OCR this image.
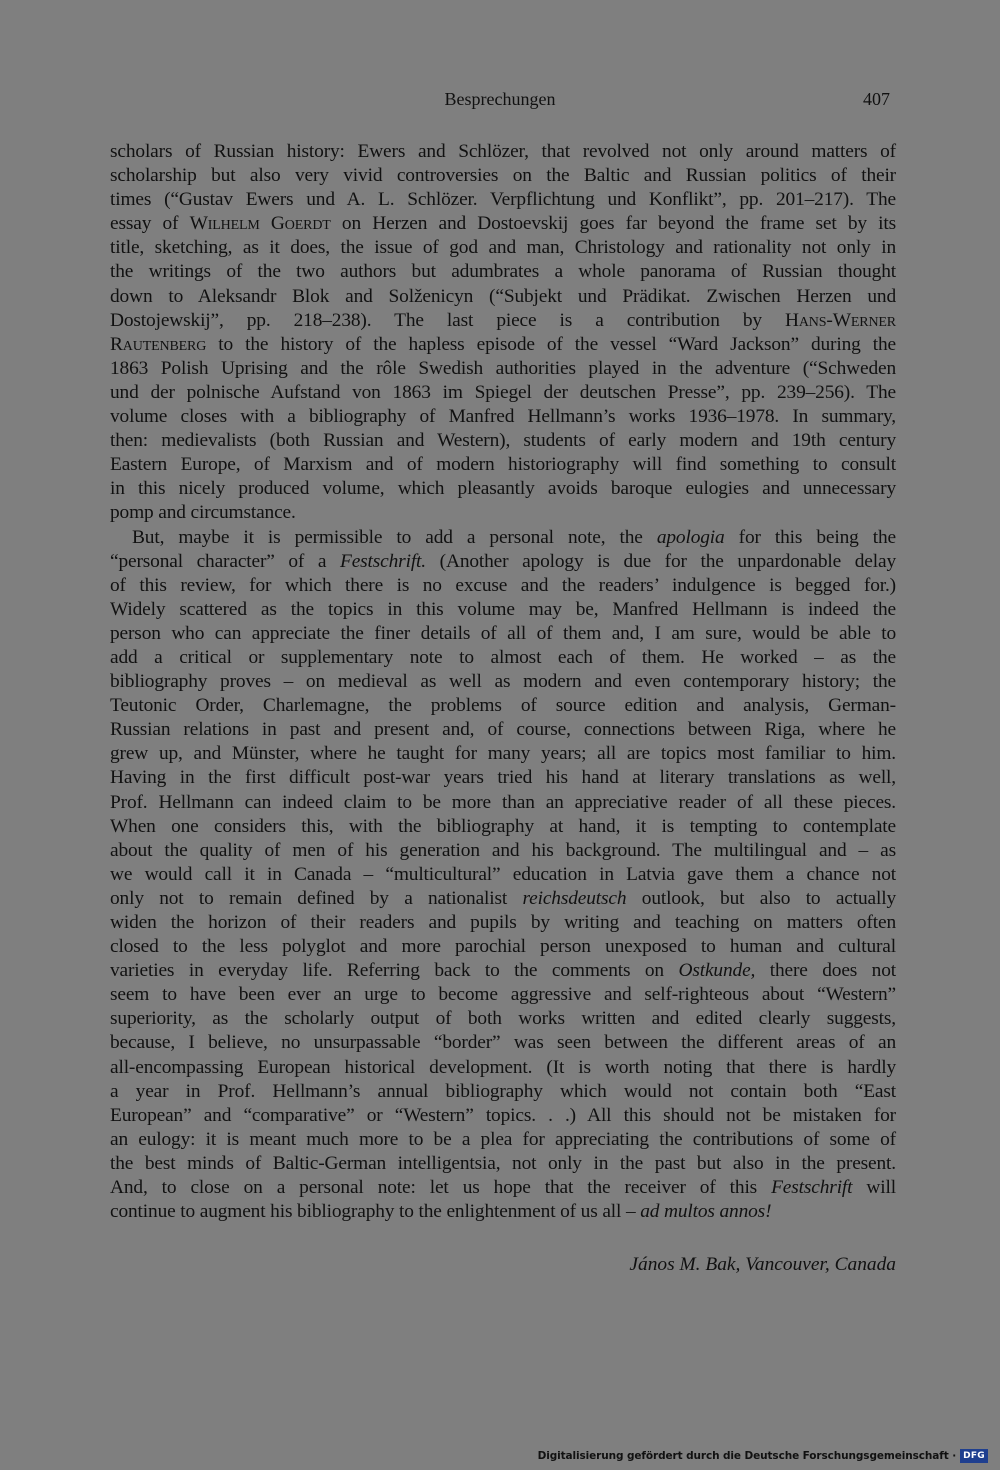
Besprechungen	407
scholars of Russian history: Ewers and Schlözer, that revolved not only around matters of
scholarship but also very vivid controversies on the Baltic and Russian politics of their
times (“Gustav Ewers und A. L. Schlözer. Verpflichtung und Konflikt”, pp. 201–217). The
essay of Wilhelm Goerdt on Herzen and Dostoevskij goes far beyond the frame set by its
title, sketching, as it does, the issue of god and man, Christology and rationality not only in
the writings of the two authors but adumbrates a whole panorama of Russian thought
down to Aleksandr Blok and Solženicyn (“Subjekt und Prädikat. Zwischen Herzen und
Dostojewskij”, pp. 218–238). The last piece is a contribution by Hans-Werner
Rautenberg to the history of the hapless episode of the vessel “Ward Jackson” during the
1863 Polish Uprising and the rôle Swedish authorities played in the adventure (“Schweden
und der polnische Aufstand von 1863 im Spiegel der deutschen Presse”, pp. 239–256). The
volume closes with a bibliography of Manfred Hellmann’s works 1936–1978. In summary,
then: medievalists (both Russian and Western), students of early modern and 19th century
Eastern Europe, of Marxism and of modern historiography will find something to consult
in this nicely produced volume, which pleasantly avoids baroque eulogies and unnecessary
pomp and circumstance.
But, maybe it is permissible to add a personal note, the apologia for this being the
“personal character” of a Festschrift. (Another apology is due for the unpardonable delay
of this review, for which there is no excuse and the readers’ indulgence is begged for.)
Widely scattered as the topics in this volume may be, Manfred Hellmann is indeed the
person who can appreciate the finer details of all of them and, I am sure, would be able to
add a critical or supplementary note to almost each of them. He worked – as the
bibliography proves – on medieval as well as modern and even contemporary history; the
Teutonic Order, Charlemagne, the problems of source edition and analysis, German-
Russian relations in past and present and, of course, connections between Riga, where he
grew up, and Münster, where he taught for many years; all are topics most familiar to him.
Having in the first difficult post-war years tried his hand at literary translations as well,
Prof. Hellmann can indeed claim to be more than an appreciative reader of all these pieces.
When one considers this, with the bibliography at hand, it is tempting to contemplate
about the quality of men of his generation and his background. The multilingual and – as
we would call it in Canada – “multicultural” education in Latvia gave them a chance not
only not to remain defined by a nationalist reichsdeutsch outlook, but also to actually
widen the horizon of their readers and pupils by writing and teaching on matters often
closed to the less polyglot and more parochial person unexposed to human and cultural
varieties in everyday life. Referring back to the comments on Ostkunde, there does not
seem to have been ever an urge to become aggressive and self-righteous about “Western”
superiority, as the scholarly output of both works written and edited clearly suggests,
because, I believe, no unsurpassable “border” was seen between the different areas of an
all-encompassing European historical development. (It is worth noting that there is hardly
a year in Prof. Hellmann’s annual bibliography which would not contain both “East
European” and “comparative” or “Western” topics. . .) All this should not be mistaken for
an eulogy: it is meant much more to be a plea for appreciating the contributions of some of
the best minds of Baltic-German intelligentsia, not only in the past but also in the present.
And, to close on a personal note: let us hope that the receiver of this Festschrift will
continue to augment his bibliography to the enlightenment of us all – ad multos annos!
János M. Bak, Vancouver, Canada
Digitalisierung gefördert durch die Deutsche Forschungsgemeinschaft · DFG
